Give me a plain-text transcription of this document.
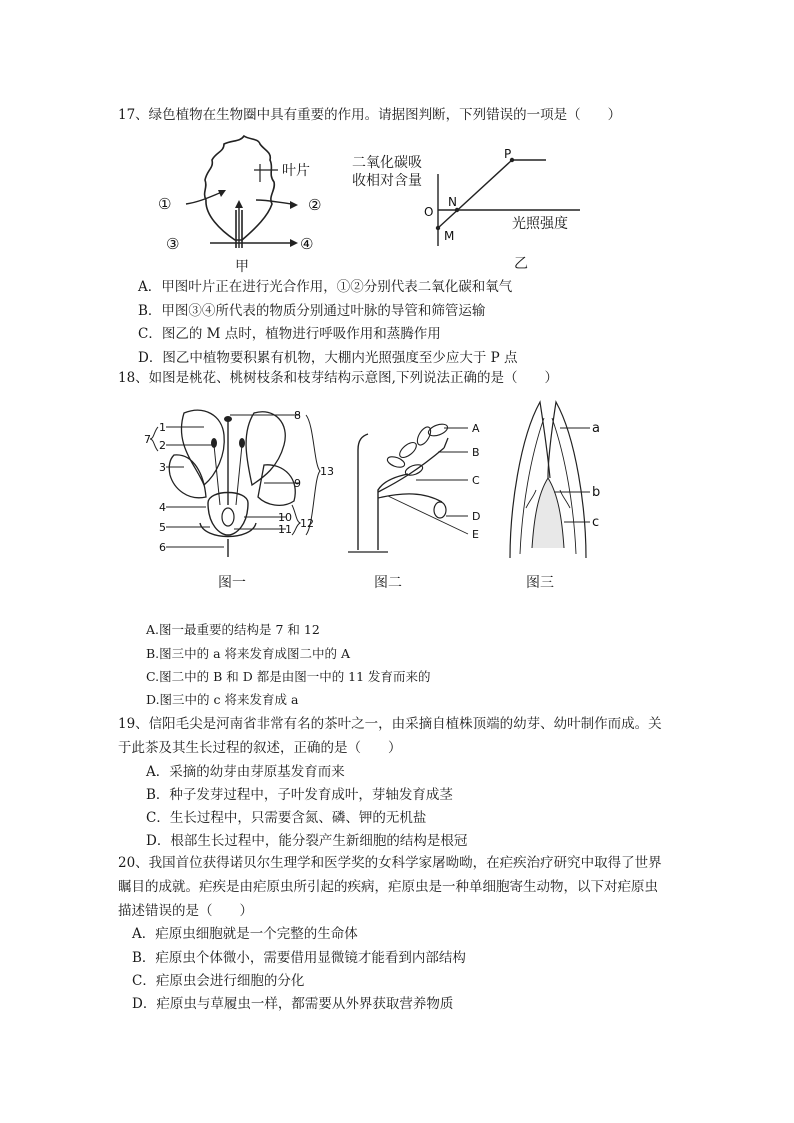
17、绿色植物在生物圈中具有重要的作用。请据图判断，下列错误的一项是（　　）
叶片
①	②
③	④
甲
二氧化碳吸
收相对含量
P
N
M
O
光照强度
乙
A．甲图叶片正在进行光合作用，①②分别代表二氧化碳和氧气
B．甲图③④所代表的物质分别通过叶脉的导管和筛管运输
C．图乙的 M 点时，植物进行呼吸作用和蒸腾作用
D．图乙中植物要积累有机物，大棚内光照强度至少应大于 P 点
18、如图是桃花、桃树枝条和枝芽结构示意图,下列说法正确的是（　　）
1
2
3
4
5
6
7
8
9
10
11 12
13
图一
A
B
C
D
E
图二
a
b
c
图三
A.图一最重要的结构是 7 和 12
B.图三中的 a 将来发育成图二中的 A
C.图二中的 B 和 D 都是由图一中的 11 发育而来的
D.图三中的 c 将来发育成 a
19、信阳毛尖是河南省非常有名的茶叶之一，由采摘自植株顶端的幼芽、幼叶制作而成。关
于此茶及其生长过程的叙述，正确的是（　　）
A．采摘的幼芽由芽原基发育而来
B．种子发芽过程中，子叶发育成叶，芽轴发育成茎
C．生长过程中，只需要含氮、磷、钾的无机盐
D．根部生长过程中，能分裂产生新细胞的结构是根冠
20、我国首位获得诺贝尔生理学和医学奖的女科学家屠呦呦，在疟疾治疗研究中取得了世界
瞩目的成就。疟疾是由疟原虫所引起的疾病，疟原虫是一种单细胞寄生动物，以下对疟原虫
描述错误的是（　　）
A．疟原虫细胞就是一个完整的生命体
B．疟原虫个体微小，需要借用显微镜才能看到内部结构
C．疟原虫会进行细胞的分化
D．疟原虫与草履虫一样，都需要从外界获取营养物质
